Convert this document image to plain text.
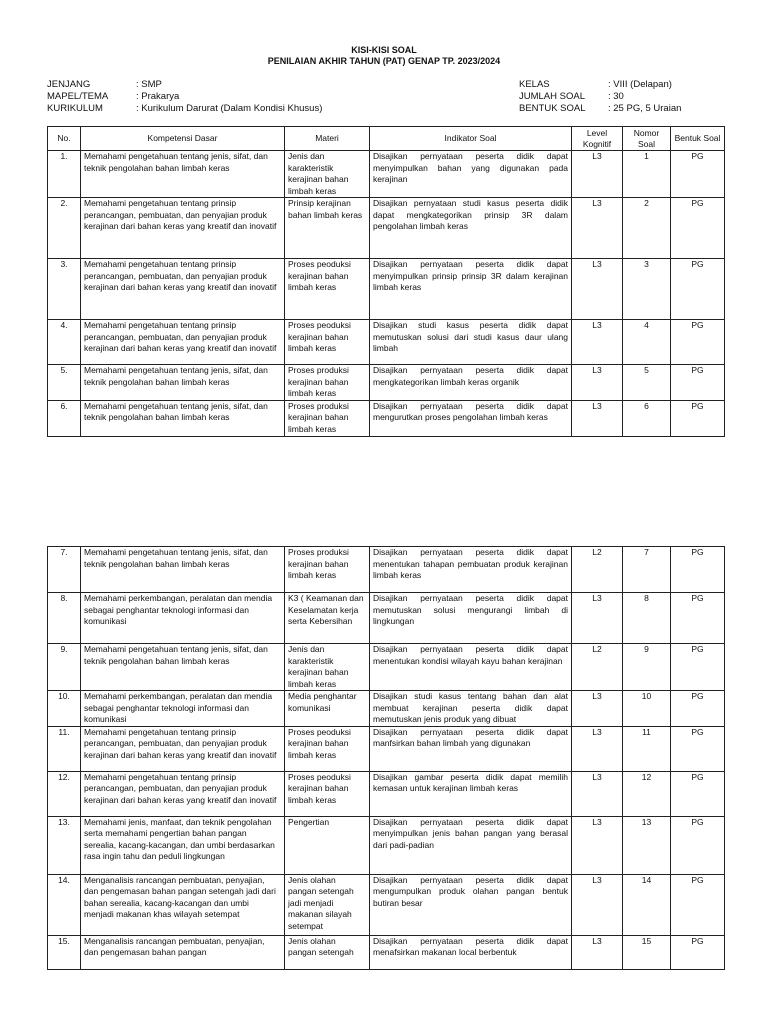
KISI-KISI SOAL
PENILAIAN AKHIR TAHUN (PAT) GENAP TP. 2023/2024
JENJANG	: SMP
MAPEL/TEMA	: Prakarya
KURIKULUM	: Kurikulum Darurat (Dalam Kondisi Khusus)
KELAS	: VIII (Delapan)
JUMLAH SOAL : 30
BENTUK SOAL : 25 PG, 5 Uraian
No.	Kompetensi Dasar	Materi	Indikator Soal	Level Kognitif	Nomor Soal	Bentuk Soal
1.	Memahami pengetahuan tentang jenis, sifat, dan teknik pengolahan bahan limbah keras	Jenis dan karakteristik kerajinan bahan limbah keras	Disajikan pernyataan peserta didik dapat menyimpulkan bahan yang digunakan pada kerajinan	L3	1	PG
2.	Memahami pengetahuan tentang prinsip perancangan, pembuatan, dan penyajian produk kerajinan dari bahan keras yang kreatif dan inovatif	Prinsip kerajinan bahan limbah keras	Disajikan pernyataan studi kasus peserta didik dapat mengkategorikan prinsip 3R dalam pengolahan limbah keras	L3	2	PG
3.	Memahami pengetahuan tentang prinsip perancangan, pembuatan, dan penyajian produk kerajinan dari bahan keras yang kreatif dan inovatif	Proses peoduksi kerajinan bahan limbah keras	Disajikan pernyataan peserta didik dapat menyimpulkan prinsip prinsip 3R dalam kerajinan limbah keras	L3	3	PG
4.	Memahami pengetahuan tentang prinsip perancangan, pembuatan, dan penyajian produk kerajinan dari bahan keras yang kreatif dan inovatif	Proses peoduksi kerajinan bahan limbah keras	Disajikan studi kasus peserta didik dapat memutuskan solusi dari studi kasus daur ulang limbah	L3	4	PG
5.	Memahami pengetahuan tentang jenis, sifat, dan teknik pengolahan bahan limbah keras	Proses produksi kerajinan bahan limbah keras	Disajikan pernyataan peserta didik dapat mengkategorikan limbah keras organik	L3	5	PG
6.	Memahami pengetahuan tentang jenis, sifat, dan teknik pengolahan bahan limbah keras	Proses produksi kerajinan bahan limbah keras	Disajikan pernyataan peserta didik dapat mengurutkan proses pengolahan limbah keras	L3	6	PG
7.	Memahami pengetahuan tentang jenis, sifat, dan teknik pengolahan bahan limbah keras	Proses produksi kerajinan bahan limbah keras	Disajikan pernyataan peserta didik dapat menentukan tahapan pembuatan produk kerajinan limbah keras	L2	7	PG
8.	Memahami perkembangan, peralatan dan mendia sebagai penghantar teknologi informasi dan komunikasi	K3 ( Keamanan dan Keselamatan kerja serta Kebersihan	Disajikan pernyataan peserta didik dapat memutuskan solusi mengurangi limbah di lingkungan	L3	8	PG
9.	Memahami pengetahuan tentang jenis, sifat, dan teknik pengolahan bahan limbah keras	Jenis dan karakteristik kerajinan bahan limbah keras	Disajikan pernyataan peserta didik dapat menentukan kondisi wilayah kayu bahan kerajinan	L2	9	PG
10.	Memahami perkembangan, peralatan dan mendia sebagai penghantar teknologi informasi dan komunikasi	Media penghantar komunikasi	Disajikan studi kasus tentang bahan dan alat membuat kerajinan peserta didik dapat memutuskan jenis produk yang dibuat	L3	10	PG
11.	Memahami pengetahuan tentang prinsip perancangan, pembuatan, dan penyajian produk kerajinan dari bahan keras yang kreatif dan inovatif	Proses peoduksi kerajinan bahan limbah keras	Disajikan pernyataan peserta didik dapat manfsirkan bahan limbah yang digunakan	L3	11	PG
12.	Memahami pengetahuan tentang prinsip perancangan, pembuatan, dan penyajian produk kerajinan dari bahan keras yang kreatif dan inovatif	Proses peoduksi kerajinan bahan limbah keras	Disajikan gambar peserta didik dapat memilih kemasan untuk kerajinan limbah keras	L3	12	PG
13.	Memahami jenis, manfaat, dan teknik pengolahan serta memahami pengertian bahan pangan serealia, kacang-kacangan, dan umbi berdasarkan rasa ingin tahu dan peduli lingkungan	Pengertian	Disajikan pernyataan peserta didik dapat menyimpulkan jenis bahan pangan yang berasal dari padi-padian	L3	13	PG
14.	Menganalisis rancangan pembuatan, penyajian, dan pengemasan bahan pangan setengah jadi dari bahan serealia, kacang-kacangan dan umbi menjadi makanan khas wilayah setempat	Jenis olahan pangan setengah jadi menjadi makanan silayah setempat	Disajikan pernyataan peserta didik dapat mengumpulkan produk olahan pangan bentuk butiran besar	L3	14	PG
15.	Menganalisis rancangan pembuatan, penyajian, dan pengemasan bahan pangan	Jenis olahan pangan setengah	Disajikan pernyataan peserta didik dapat menafsirkan makanan local berbentuk	L3	15	PG
